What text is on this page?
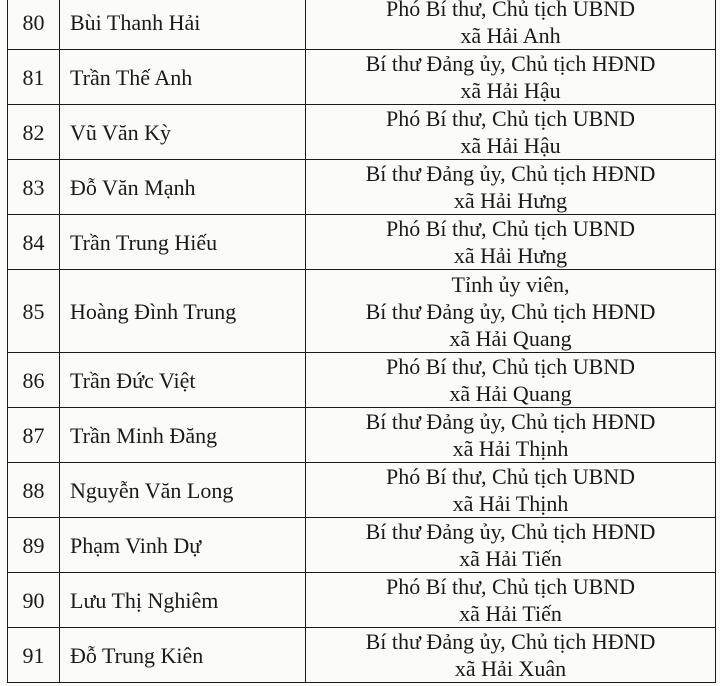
80	Bùi Thanh Hải	Phó Bí thư, Chủ tịch UBND
xã Hải Anh

81	Trần Thế Anh	Bí thư Đảng ủy, Chủ tịch HĐND
xã Hải Hậu

82	Vũ Văn Kỳ	Phó Bí thư, Chủ tịch UBND
xã Hải Hậu

83	Đỗ Văn Mạnh	Bí thư Đảng ủy, Chủ tịch HĐND
xã Hải Hưng

84	Trần Trung Hiếu	Phó Bí thư, Chủ tịch UBND
xã Hải Hưng

85	Hoàng Đình Trung	Tỉnh ủy viên,
Bí thư Đảng ủy, Chủ tịch HĐND
xã Hải Quang

86	Trần Đức Việt	Phó Bí thư, Chủ tịch UBND
xã Hải Quang

87	Trần Minh Đăng	Bí thư Đảng ủy, Chủ tịch HĐND
xã Hải Thịnh

88	Nguyễn Văn Long	Phó Bí thư, Chủ tịch UBND
xã Hải Thịnh

89	Phạm Vinh Dự	Bí thư Đảng ủy, Chủ tịch HĐND
xã Hải Tiến

90	Lưu Thị Nghiêm	Phó Bí thư, Chủ tịch UBND
xã Hải Tiến

91	Đỗ Trung Kiên	Bí thư Đảng ủy, Chủ tịch HĐND
xã Hải Xuân
